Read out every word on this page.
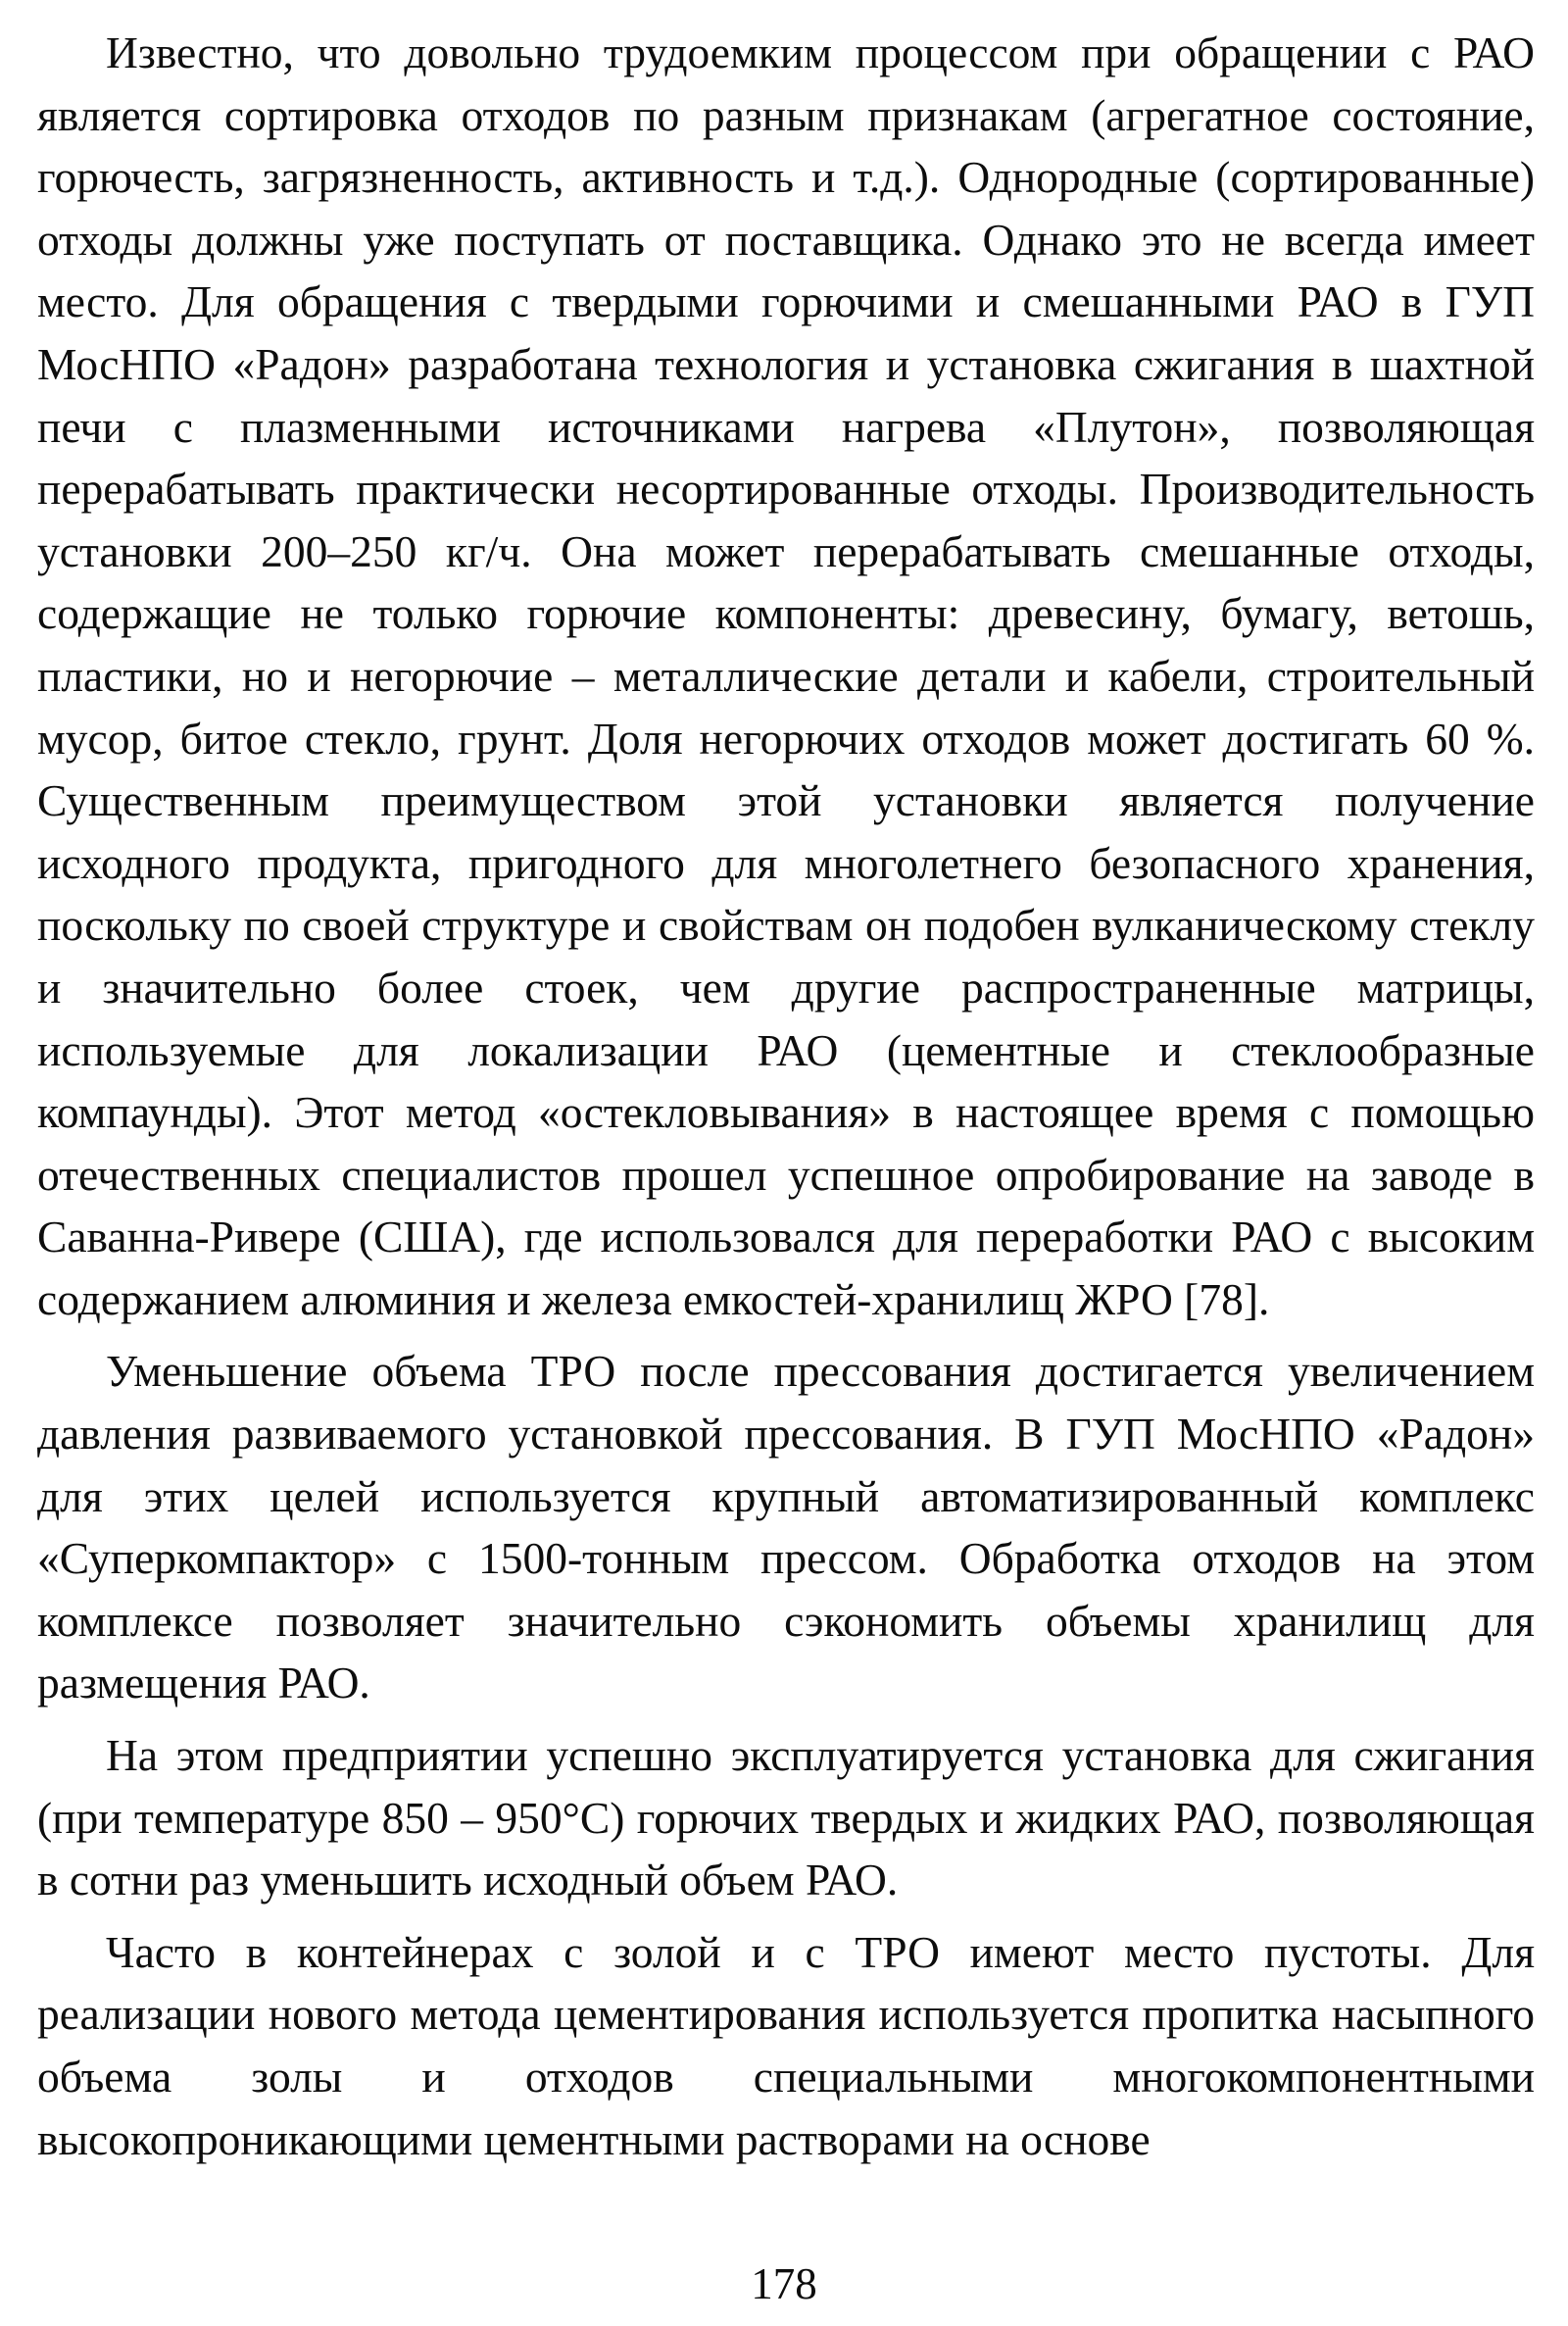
Известно, что довольно трудоемким процессом при обращении с РАО является сортировка отходов по разным признакам (агрегатное состояние, горючесть, загрязненность, активность и т.д.). Однородные (сортированные) отходы должны уже поступать от поставщика. Однако это не всегда имеет место. Для обращения с твердыми горючими и смешанными РАО в ГУП МосНПО «Радон» разработана технология и установка сжигания в шахтной печи с плазменными источниками нагрева «Плутон», позволяющая перерабатывать практически несортированные отходы. Производительность установки 200–250 кг/ч. Она может перерабатывать смешанные отходы, содержащие не только горючие компоненты: древесину, бумагу, ветошь, пластики, но и негорючие – металлические детали и кабели, строительный мусор, битое стекло, грунт. Доля негорючих отходов может достигать 60 %. Существенным преимуществом этой установки является получение исходного продукта, пригодного для многолетнего безопасного хранения, поскольку по своей структуре и свойствам он подобен вулканическому стеклу и значительно более стоек, чем другие распространенные матрицы, используемые для локализации РАО (цементные и стеклообразные компаунды). Этот метод «остекловывания» в настоящее время с помощью отечественных специалистов прошел успешное опробирование на заводе в Саванна-Ривере (США), где использовался для переработки РАО с высоким содержанием алюминия и железа емкостей-хранилищ ЖРО [78].

Уменьшение объема ТРО после прессования достигается увеличением давления развиваемого установкой прессования. В ГУП МосНПО «Радон» для этих целей используется крупный автоматизированный комплекс «Суперкомпактор» с 1500-тонным прессом. Обработка отходов на этом комплексе позволяет значительно сэкономить объемы хранилищ для размещения РАО.

На этом предприятии успешно эксплуатируется установка для сжигания (при температуре 850 – 950°С) горючих твердых и жидких РАО, позволяющая в сотни раз уменьшить исходный объем РАО.

Часто в контейнерах с золой и с ТРО имеют место пустоты. Для реализации нового метода цементирования используется пропитка насыпного объема золы и отходов специальными многокомпонентными высокопроникающими цементными растворами на основе

178
